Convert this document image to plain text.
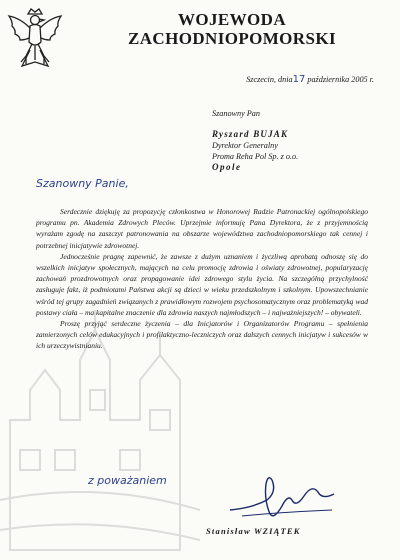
WOJEWODA
ZACHODNIOPOMORSKI
Szczecin, dnia17 października 2005 r.
Szanowny Pan
Ryszard BUJAK
Dyrektor Generalny
Proma Reha Pol Sp. z o.o.
Opole
Szanowny Panie,

Serdecznie dziękuję za propozycję członkostwa w Honorowej Radzie Patronackiej ogólnopolskiego programu pn. Akademia Zdrowych Pleców. Uprzejmie informuję Pana Dyrektora, że z przyjemnością wyrażam zgodę na zaszczyt patronowania na obszarze województwa zachodniopomorskiego tak cennej i potrzebnej inicjatywie zdrowotnej.

Jednocześnie pragnę zapewnić, że zawsze z dużym uznaniem i życzliwą aprobatą odnoszę się do wszelkich inicjatyw społecznych, mających na celu promocję zdrowia i oświaty zdrowotnej, popularyzację zachowań prozdrowotnych oraz propagowanie idei zdrowego stylu życia. Na szczególną przychylność zasługuje fakt, iż podmiotami Państwa akcji są dzieci w wieku przedszkolnym i szkolnym. Upowszechnianie wśród tej grupy zagadnień związanych z prawidłowym rozwojem psychosomatycznym oraz problematyką wad postawy ciała – ma kapitalne znaczenie dla zdrowia naszych najmłodszych – i najważniejszych! – obywateli.

Proszę przyjąć serdeczne życzenia – dla Inicjatorów i Organizatorów Programu – spełnienia zamierzonych celów edukacyjnych i profilaktyczno-leczniczych oraz dalszych cennych inicjatyw i sukcesów w ich urzeczywistnianiu.

z poważaniem
Stanisław WZIĄTEK
